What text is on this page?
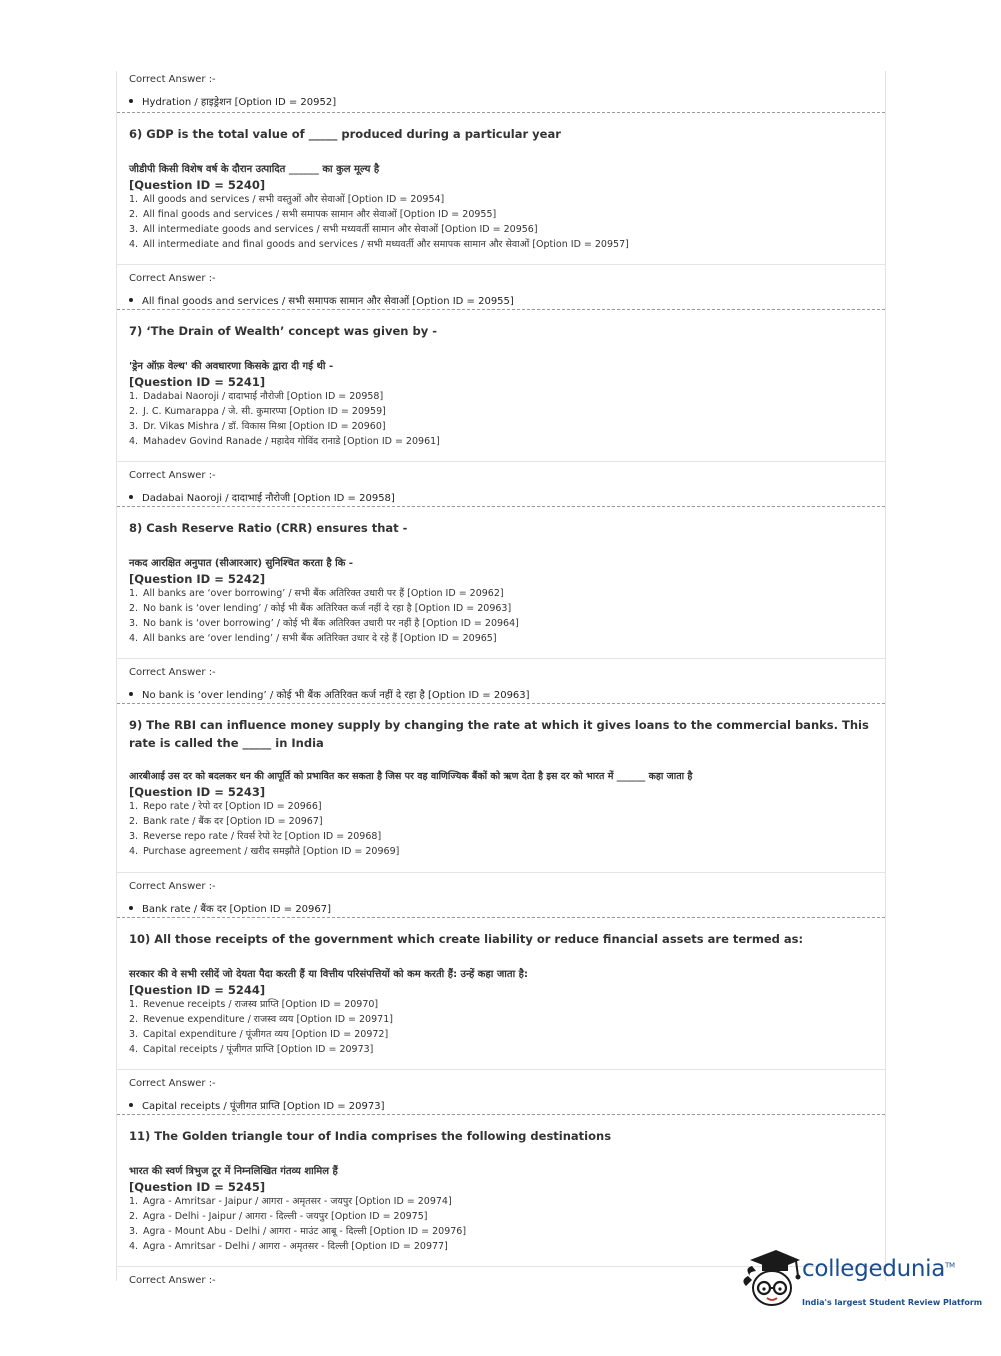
Correct Answer :-
Hydration / हाइड्रेशन [Option ID = 20952]
6) GDP is the total value of _____ produced during a particular year
जीडीपी किसी विशेष वर्ष के दौरान उत्पादित ______ का कुल मूल्य है
[Question ID = 5240]
1. All goods and services / सभी वस्तुओं और सेवाओं [Option ID = 20954]
2. All final goods and services / सभी समापक सामान और सेवाओं [Option ID = 20955]
3. All intermediate goods and services / सभी मध्यवर्ती सामान और सेवाओं [Option ID = 20956]
4. All intermediate and final goods and services / सभी मध्यवर्ती और समापक सामान और सेवाओं [Option ID = 20957]
Correct Answer :-
All final goods and services / सभी समापक सामान और सेवाओं [Option ID = 20955]
7) ‘The Drain of Wealth’ concept was given by -
'ड्रेन ऑफ़ वेल्थ' की अवधारणा किसके द्वारा दी गई थी -
[Question ID = 5241]
1. Dadabai Naoroji / दादाभाई नौरोजी [Option ID = 20958]
2. J. C. Kumarappa / जे. सी. कुमारप्पा [Option ID = 20959]
3. Dr. Vikas Mishra / डॉ. विकास मिश्रा [Option ID = 20960]
4. Mahadev Govind Ranade / महादेव गोविंद रानाडे [Option ID = 20961]
Correct Answer :-
Dadabai Naoroji / दादाभाई नौरोजी [Option ID = 20958]
8) Cash Reserve Ratio (CRR) ensures that -
नकद आरक्षित अनुपात (सीआरआर) सुनिश्चित करता है कि -
[Question ID = 5242]
1. All banks are ‘over borrowing’ / सभी बैंक अतिरिक्त उधारी पर हैं [Option ID = 20962]
2. No bank is ‘over lending’ / कोई भी बैंक अतिरिक्त कर्ज नहीं दे रहा है [Option ID = 20963]
3. No bank is ‘over borrowing’ / कोई भी बैंक अतिरिक्त उधारी पर नहीं है [Option ID = 20964]
4. All banks are ‘over lending’ / सभी बैंक अतिरिक्त उधार दे रहे हैं [Option ID = 20965]
Correct Answer :-
No bank is ‘over lending’ / कोई भी बैंक अतिरिक्त कर्ज नहीं दे रहा है [Option ID = 20963]
9) The RBI can influence money supply by changing the rate at which it gives loans to the commercial banks. This rate is called the _____ in India
आरबीआई उस दर को बदलकर धन की आपूर्ति को प्रभावित कर सकता है जिस पर वह वाणिज्यिक बैंकों को ऋण देता है इस दर को भारत में ______ कहा जाता है
[Question ID = 5243]
1. Repo rate / रेपो दर [Option ID = 20966]
2. Bank rate / बैंक दर [Option ID = 20967]
3. Reverse repo rate / रिवर्स रेपो रेट [Option ID = 20968]
4. Purchase agreement / खरीद समझौते [Option ID = 20969]
Correct Answer :-
Bank rate / बैंक दर [Option ID = 20967]
10) All those receipts of the government which create liability or reduce financial assets are termed as:
सरकार की वे सभी रसीदें जो देयता पैदा करती हैं या वित्तीय परिसंपत्तियों को कम करती हैं: उन्हें कहा जाता है:
[Question ID = 5244]
1. Revenue receipts / राजस्व प्राप्ति [Option ID = 20970]
2. Revenue expenditure / राजस्व व्यय [Option ID = 20971]
3. Capital expenditure / पूंजीगत व्यय [Option ID = 20972]
4. Capital receipts / पूंजीगत प्राप्ति [Option ID = 20973]
Correct Answer :-
Capital receipts / पूंजीगत प्राप्ति [Option ID = 20973]
11) The Golden triangle tour of India comprises the following destinations
भारत की स्वर्ण त्रिभुज टूर में निम्नलिखित गंतव्य शामिल हैं
[Question ID = 5245]
1. Agra - Amritsar - Jaipur / आगरा - अमृतसर - जयपुर [Option ID = 20974]
2. Agra - Delhi - Jaipur / आगरा - दिल्ली - जयपुर [Option ID = 20975]
3. Agra - Mount Abu - Delhi / आगरा - माउंट आबू - दिल्ली [Option ID = 20976]
4. Agra - Amritsar - Delhi / आगरा - अमृतसर - दिल्ली [Option ID = 20977]
Correct Answer :-	collegedunia™
India's largest Student Review Platform
